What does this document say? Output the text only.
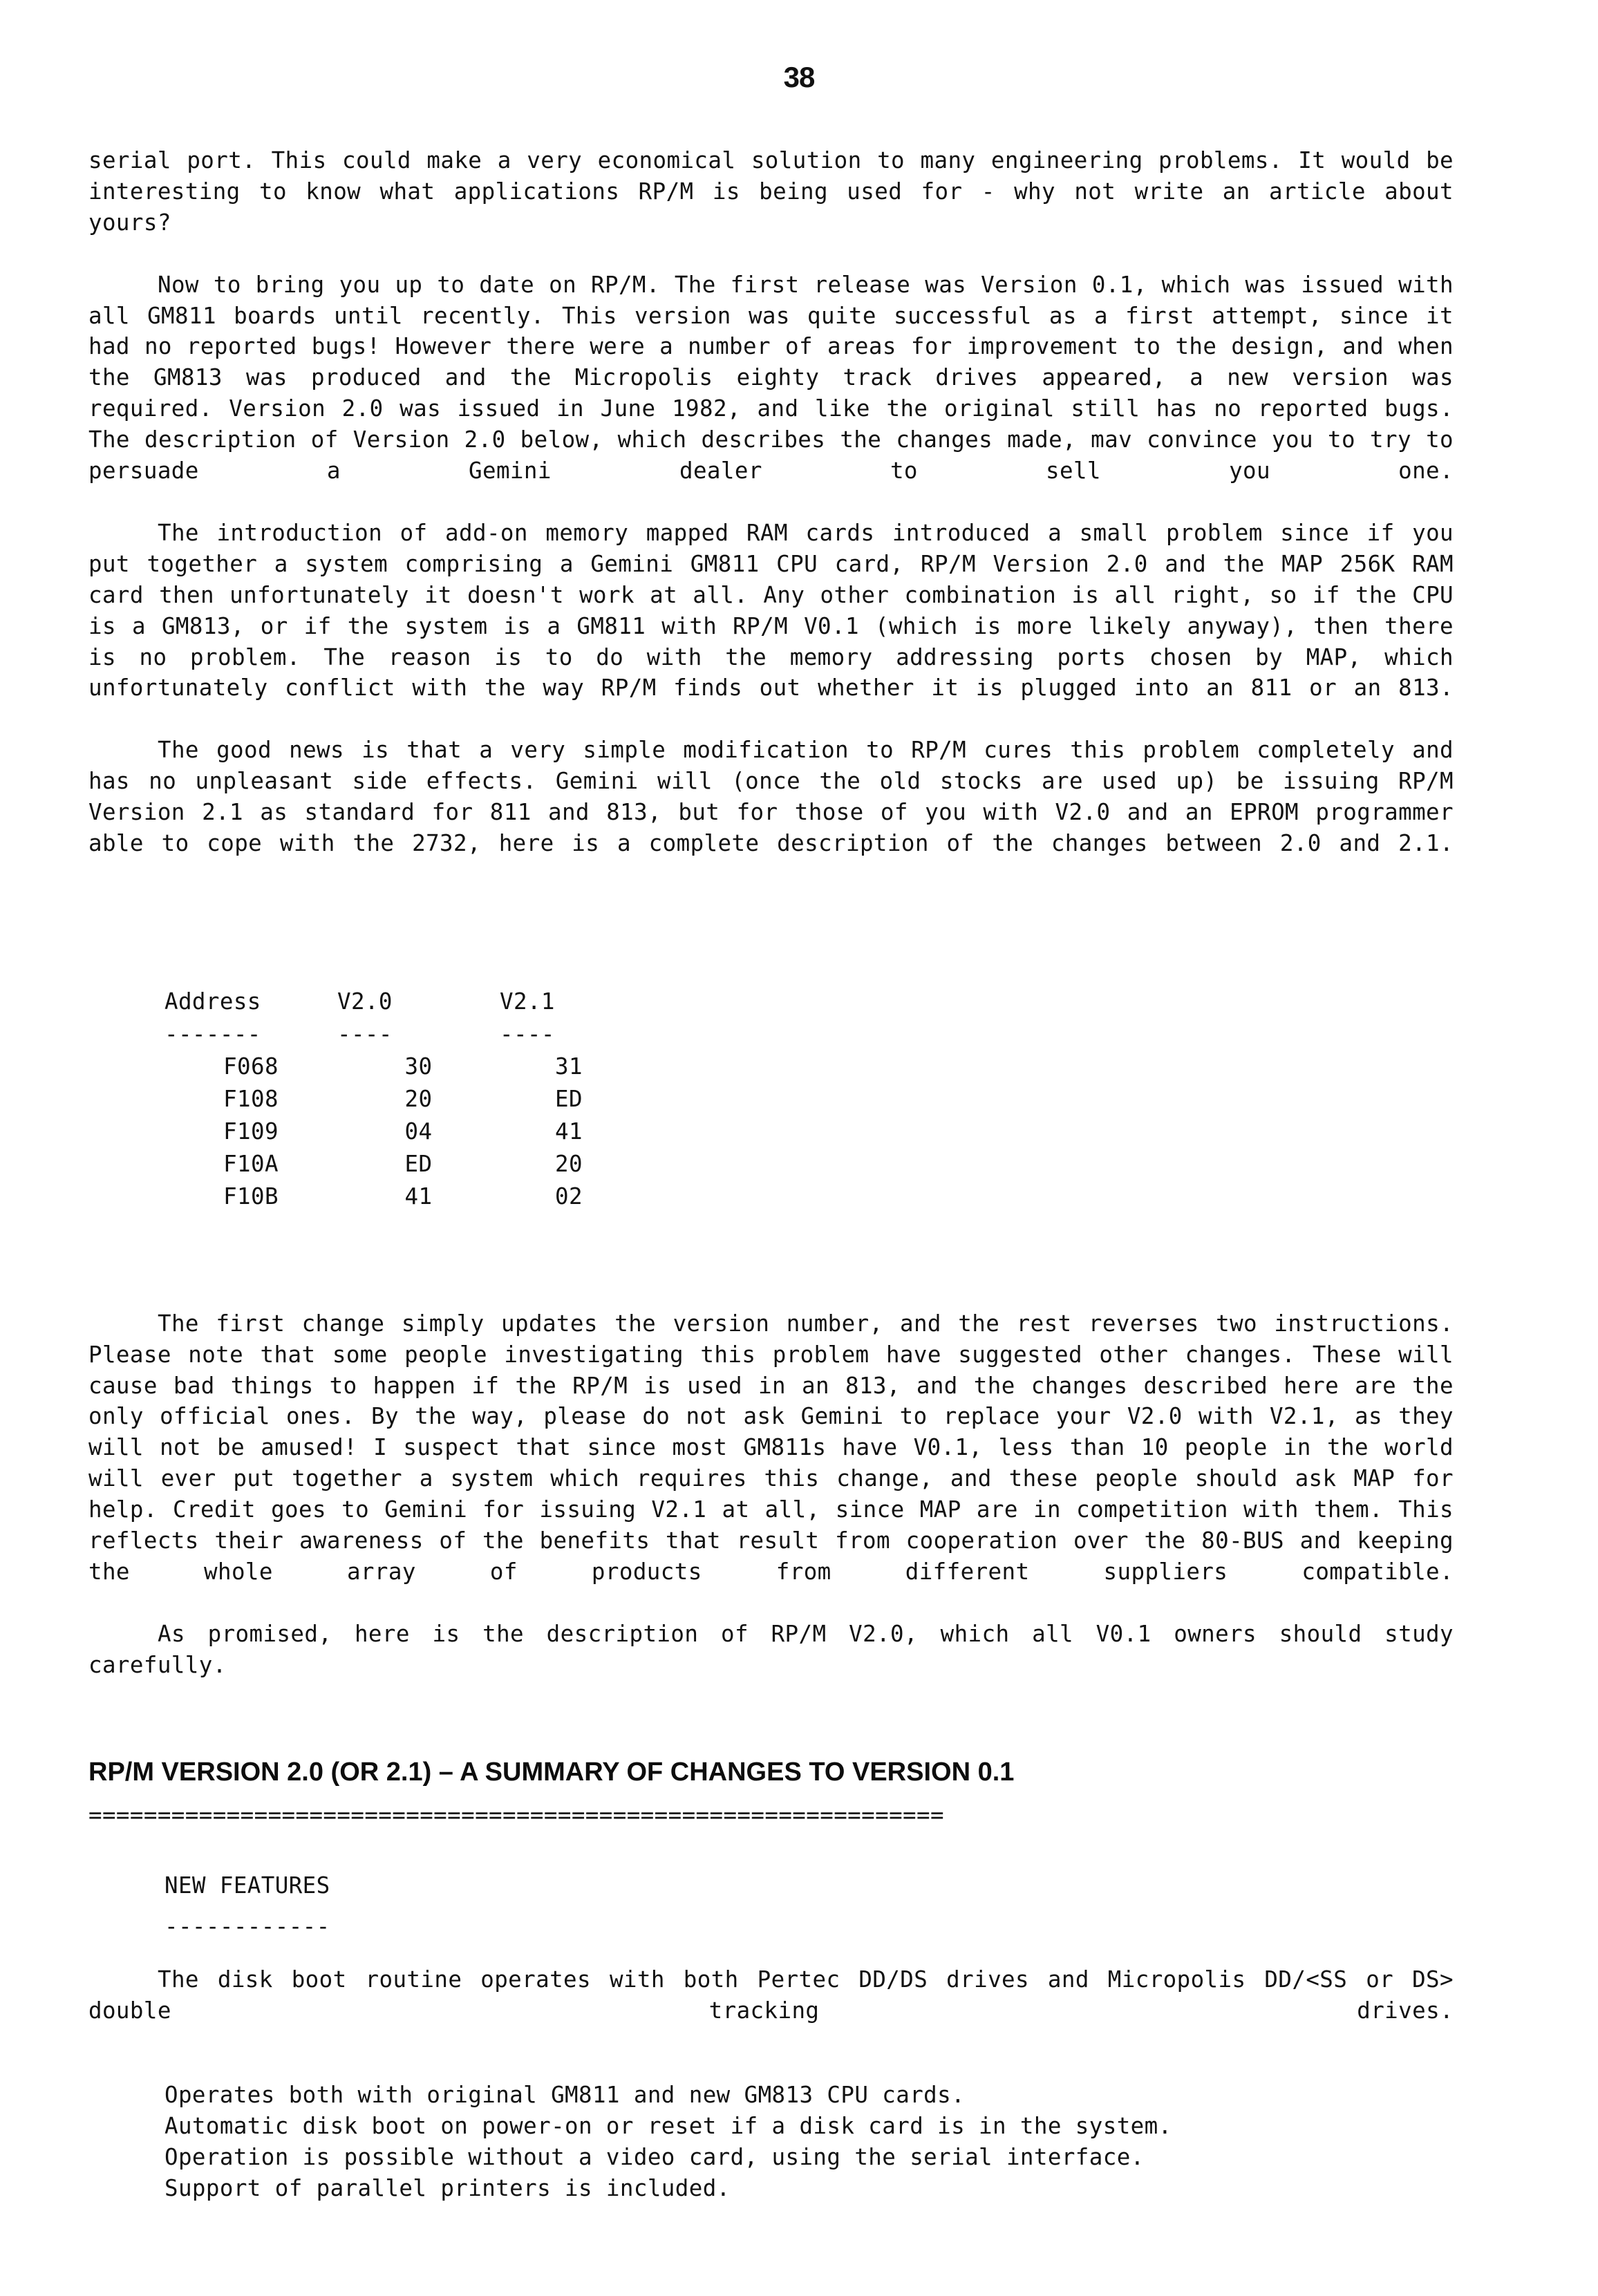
38

serial port. This could make a very economical solution to many engineering problems. It would be interesting to know what applications RP/M is being used for - why not write an article about yours?

Now to bring you up to date on RP/M. The first release was Version 0.1, which was issued with all GM811 boards until recently. This version was quite successful as a first attempt, since it had no reported bugs! However there were a number of areas for improvement to the design, and when the GM813 was produced and the Micropolis eighty track drives appeared, a new version was required. Version 2.0 was issued in June 1982, and like the original still has no reported bugs. The description of Version 2.0 below, which describes the changes made, mav convince you to try to persuade a Gemini dealer to sell you one.

The introduction of add-on memory mapped RAM cards introduced a small problem since if you put together a system comprising a Gemini GM811 CPU card, RP/M Version 2.0 and the MAP 256K RAM card then unfortunately it doesn't work at all. Any other combination is all right, so if the CPU is a GM813, or if the system is a GM811 with RP/M V0.1 (which is more likely anyway), then there is no problem. The reason is to do with the memory addressing ports chosen by MAP, which unfortunately conflict with the way RP/M finds out whether it is plugged into an 811 or an 813.

The good news is that a very simple modification to RP/M cures this problem completely and has no unpleasant side effects. Gemini will (once the old stocks are used up) be issuing RP/M Version 2.1 as standard for 811 and 813, but for those of you with V2.0 and an EPROM programmer able to cope with the 2732, here is a complete description of the changes between 2.0 and 2.1.

Address	V2.0	V2.1
-------	----	----
F068	30	31
F108	20	ED
F109	04	41
F10A	ED	20
F10B	41	02

The first change simply updates the version number, and the rest reverses two instructions. Please note that some people investigating this problem have suggested other changes. These will cause bad things to happen if the RP/M is used in an 813, and the changes described here are the only official ones. By the way, please do not ask Gemini to replace your V2.0 with V2.1, as they will not be amused! I suspect that since most GM811s have V0.1, less than 10 people in the world will ever put together a system which requires this change, and these people should ask MAP for help. Credit goes to Gemini for issuing V2.1 at all, since MAP are in competition with them. This reflects their awareness of the benefits that result from cooperation over the 80-BUS and keeping the whole array of products from different suppliers compatible.

As promised, here is the description of RP/M V2.0, which all V0.1 owners should study carefully.

RP/M VERSION 2.0 (OR 2.1) – A SUMMARY OF CHANGES TO VERSION 0.1
==============================================================
NEW FEATURES
------------

The disk boot routine operates with both Pertec DD/DS drives and Micropolis DD/<SS or DS> double tracking drives.

Operates both with original GM811 and new GM813 CPU cards.
Automatic disk boot on power-on or reset if a disk card is in the system.
Operation is possible without a video card, using the serial interface.
Support of parallel printers is included.
